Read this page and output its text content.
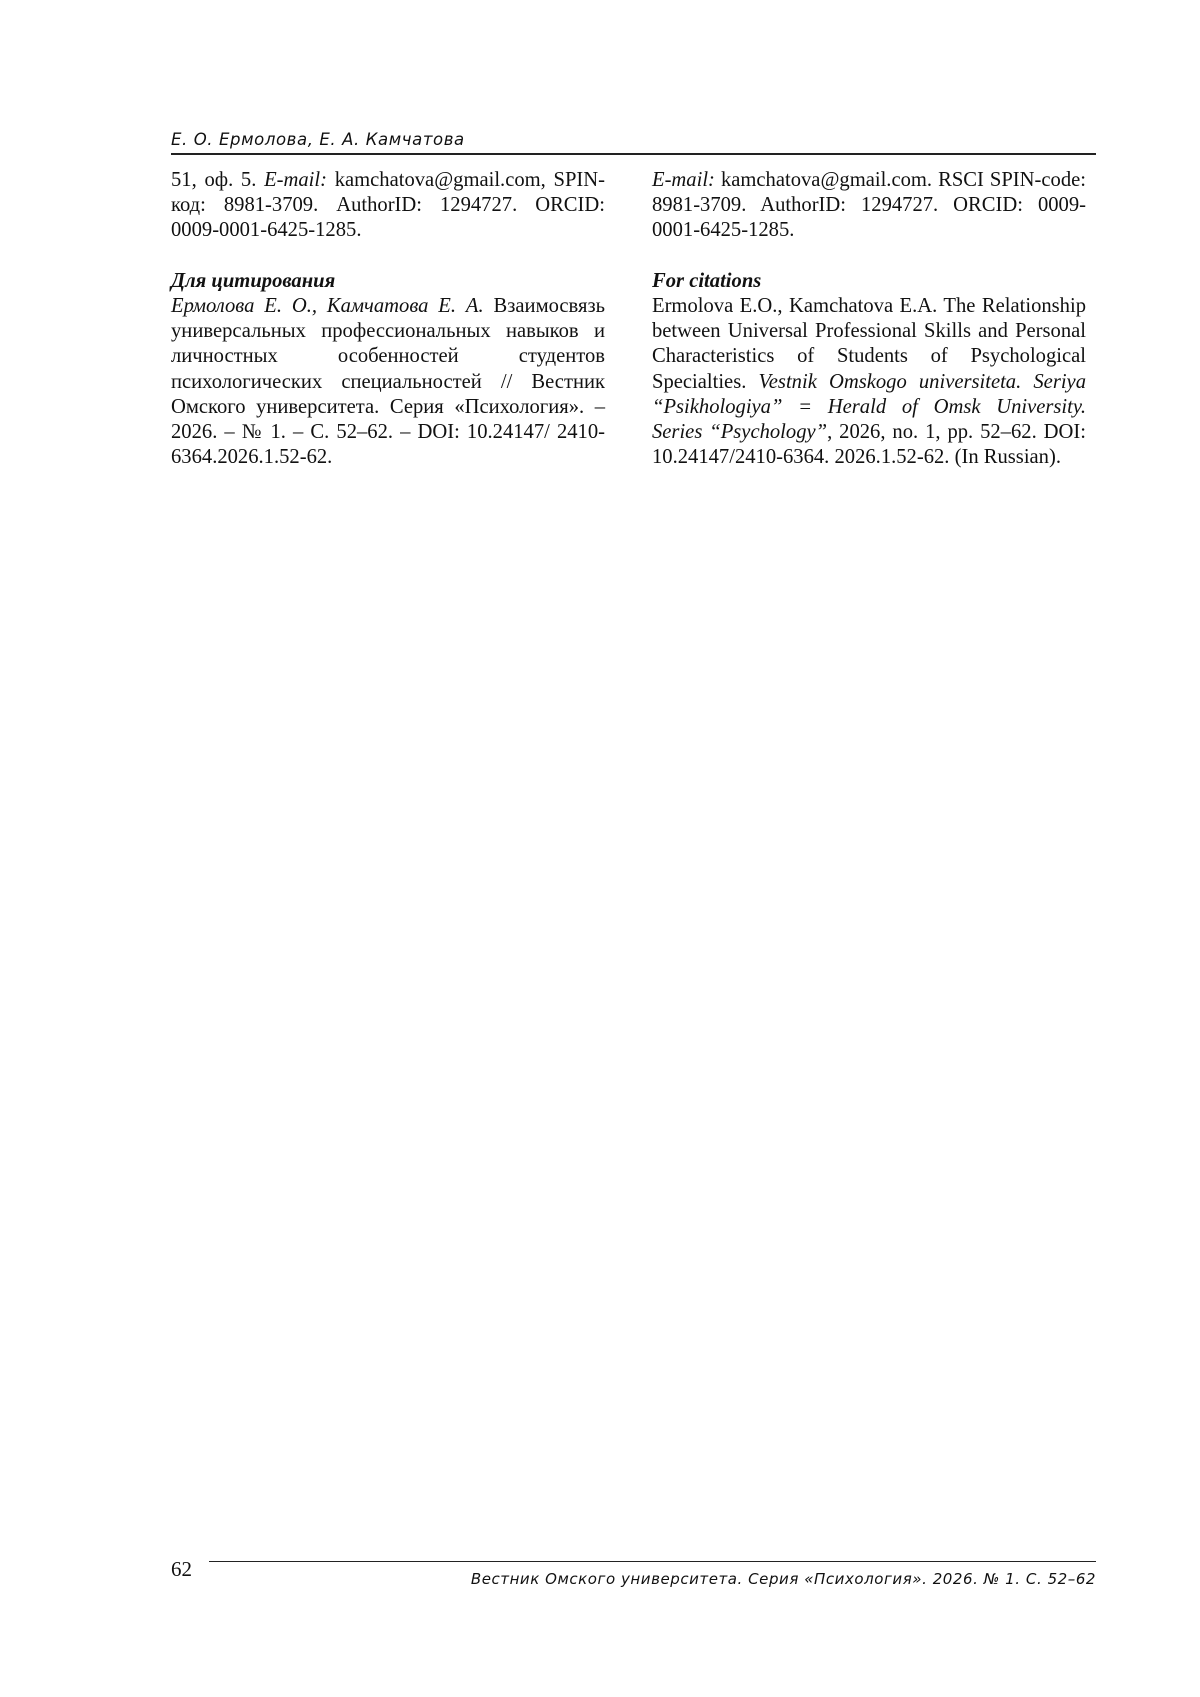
Е. О. Ермолова, Е. А. Камчатова

51, оф. 5. E-mail: kamchatova@gmail.com, SPIN-код: 8981-3709. AuthorID: 1294727. ORCID: 0009-0001-6425-1285.

Для цитирования

Ермолова Е. О., Камчатова Е. А. Взаимосвязь универсальных профессиональных навыков и личностных особенностей студентов психологических специальностей // Вестник Омского университета. Серия «Психология». – 2026. – № 1. – С. 52–62. – DOI: 10.24147/ 2410-6364.2026.1.52-62.

E-mail: kamchatova@gmail.com. RSCI SPIN-code: 8981-3709. AuthorID: 1294727. ORCID: 0009-0001-6425-1285.

For citations

Ermolova E.O., Kamchatova E.A. The Relationship between Universal Professional Skills and Personal Characteristics of Students of Psychological Specialties. Vestnik Omskogo universiteta. Seriya “Psikhologiya” = Herald of Omsk University. Series “Psychology”, 2026, no. 1, pp. 52–62. DOI: 10.24147/2410-6364. 2026.1.52-62. (In Russian).

62	Вестник Омского университета. Серия «Психология». 2026. № 1. С. 52–62
